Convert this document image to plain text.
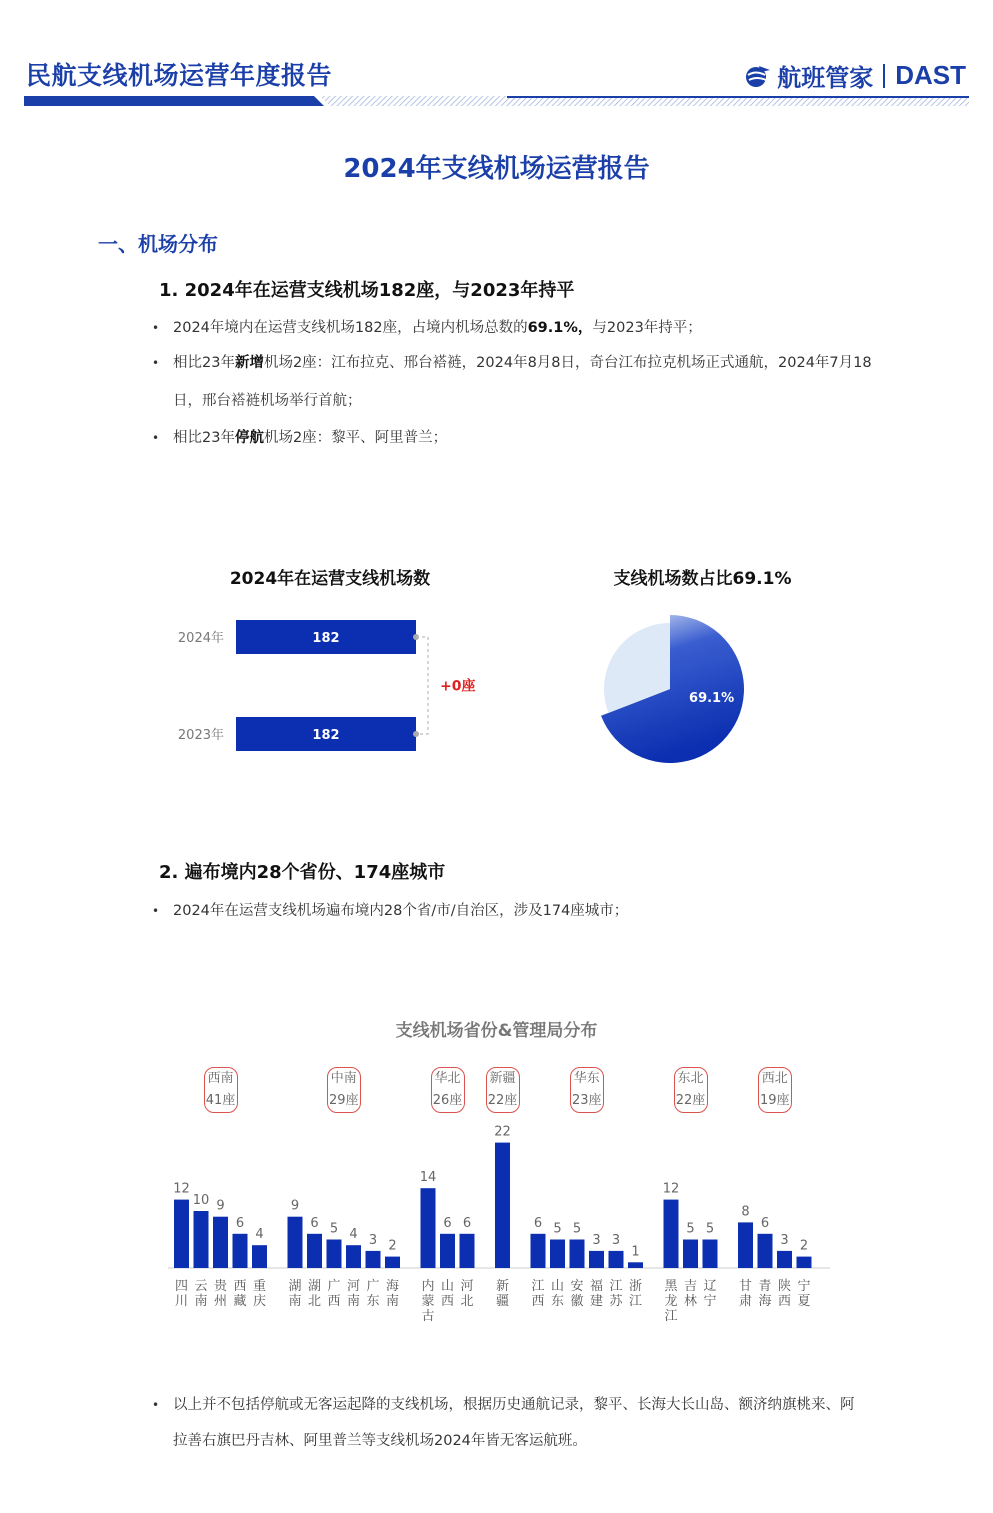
民航支线机场运营年度报告	航班管家 DAST
2024年支线机场运营报告
一、机场分布
1. 2024年在运营支线机场182座，与2023年持平
• 2024年境内在运营支线机场182座，占境内机场总数的69.1%，与2023年持平；
• 相比23年新增机场2座：江布拉克、邢台褡裢，2024年8月8日，奇台江布拉克机场正式通航，2024年7月18
日，邢台褡裢机场举行首航；
• 相比23年停航机场2座：黎平、阿里普兰；
2024年在运营支线机场数
2024年	182
2023年	182
+0座
支线机场数占比69.1%
69.1%
2. 遍布境内28个省份、174座城市
• 2024年在运营支线机场遍布境内28个省/市/自治区，涉及174座城市；
支线机场省份&管理局分布
西南
41座
中南
29座
华北
26座
新疆
22座
华东
23座
东北
22座
西北
19座
12
四川
10
云南
9
贵州
6
西藏
4
重庆
9
湖南
6
湖北
5
广西
4
河南
3
广东
2
海南
14
内蒙古
6
山西
6
河北
22
新疆
6
江西
5
山东
5
安徽
3
福建
3
江苏
1
浙江
12
黑龙江
5
吉林
5
辽宁
8
甘肃
6
青海
3
陕西
2
宁夏
• 以上并不包括停航或无客运起降的支线机场，根据历史通航记录，黎平、长海大长山岛、额济纳旗桃来、阿
拉善右旗巴丹吉林、阿里普兰等支线机场2024年皆无客运航班。
